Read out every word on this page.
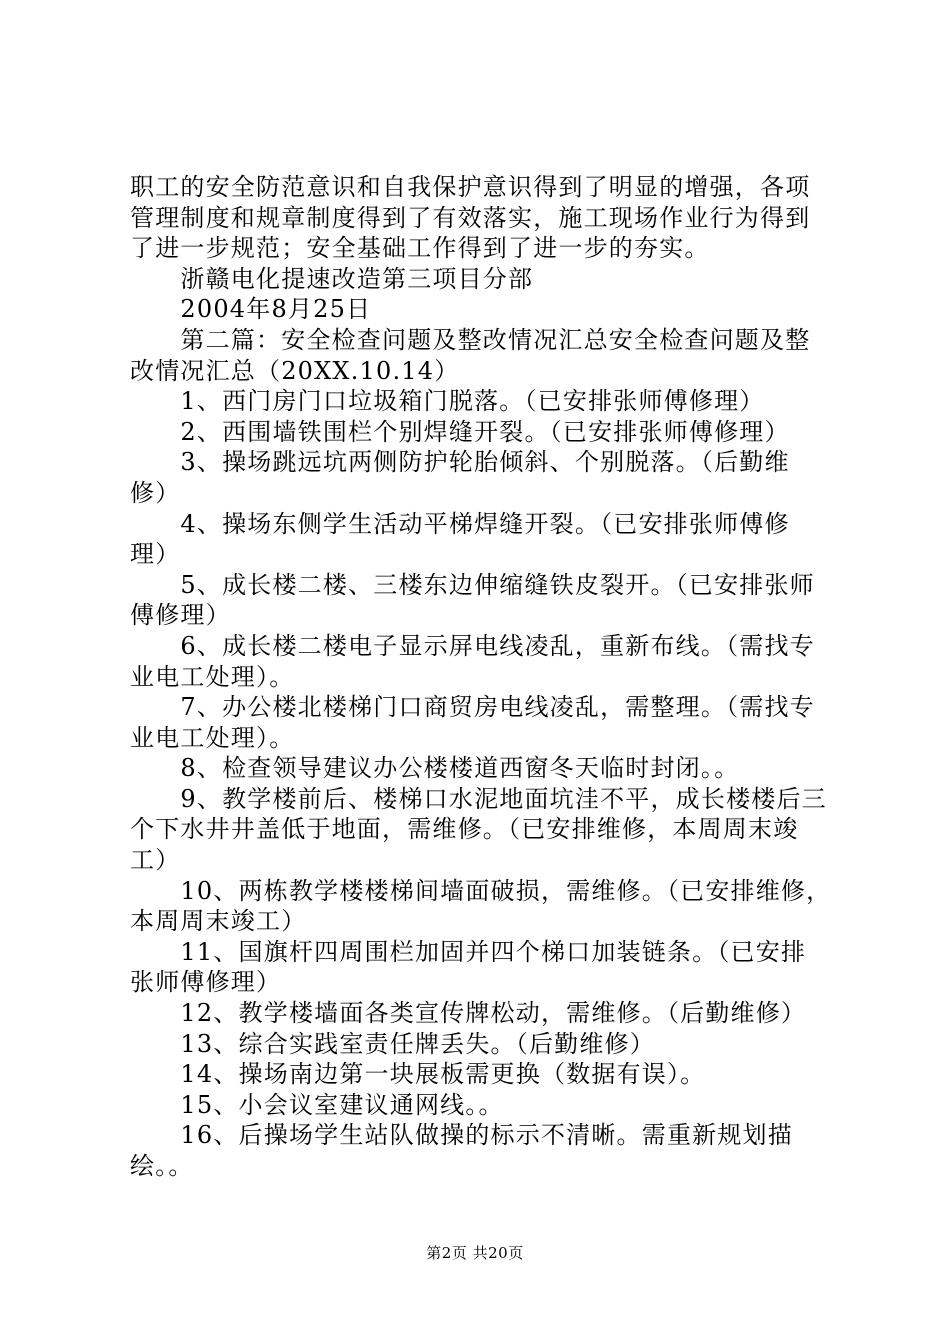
职工的安全防范意识和自我保护意识得到了明显的增强，各项
管理制度和规章制度得到了有效落实，施工现场作业行为得到
了进一步规范；安全基础工作得到了进一步的夯实。
　　浙赣电化提速改造第三项目分部
　　2004年8月25日
　　第二篇：安全检查问题及整改情况汇总安全检查问题及整
改情况汇总（20XX.10.14）
　　1、西门房门口垃圾箱门脱落。（已安排张师傅修理）
　　2、西围墙铁围栏个别焊缝开裂。（已安排张师傅修理）
　　3、操场跳远坑两侧防护轮胎倾斜、个别脱落。（后勤维
修）
　　4、操场东侧学生活动平梯焊缝开裂。（已安排张师傅修
理）
　　5、成长楼二楼、三楼东边伸缩缝铁皮裂开。（已安排张师
傅修理）
　　6、成长楼二楼电子显示屏电线凌乱，重新布线。（需找专
业电工处理）。
　　7、办公楼北楼梯门口商贸房电线凌乱，需整理。（需找专
业电工处理）。
　　8、检查领导建议办公楼楼道西窗冬天临时封闭。。
　　9、教学楼前后、楼梯口水泥地面坑洼不平，成长楼楼后三
个下水井井盖低于地面，需维修。（已安排维修，本周周末竣
工）
　　10、两栋教学楼楼梯间墙面破损，需维修。（已安排维修，
本周周末竣工）
　　11、国旗杆四周围栏加固并四个梯口加装链条。（已安排
张师傅修理）
　　12、教学楼墙面各类宣传牌松动，需维修。（后勤维修）
　　13、综合实践室责任牌丢失。（后勤维修）
　　14、操场南边第一块展板需更换（数据有误）。
　　15、小会议室建议通网线。。
　　16、后操场学生站队做操的标示不清晰。需重新规划描
绘。。
第2页 共20页
